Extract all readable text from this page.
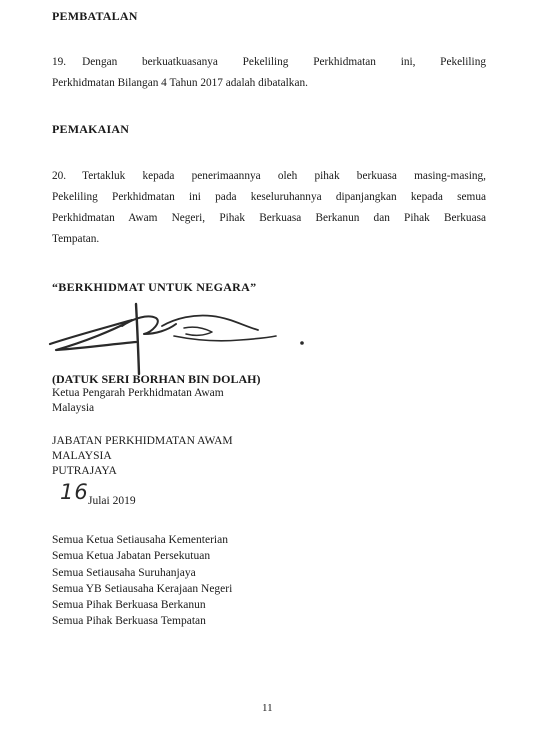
PEMBATALAN
19. Dengan berkuatkuasanya Pekeliling Perkhidmatan ini, Pekeliling
Perkhidmatan Bilangan 4 Tahun 2017 adalah dibatalkan.
PEMAKAIAN
20. Tertakluk kepada penerimaannya oleh pihak berkuasa masing-masing,
Pekeliling Perkhidmatan ini pada keseluruhannya dipanjangkan kepada semua
Perkhidmatan Awam Negeri, Pihak Berkuasa Berkanun dan Pihak Berkuasa
Tempatan.
“BERKHIDMAT UNTUK NEGARA”
(DATUK SERI BORHAN BIN DOLAH)
Ketua Pengarah Perkhidmatan Awam
Malaysia
JABATAN PERKHIDMATAN AWAM
MALAYSIA
PUTRAJAYA
16 Julai 2019
Semua Ketua Setiausaha Kementerian
Semua Ketua Jabatan Persekutuan
Semua Setiausaha Suruhanjaya
Semua YB Setiausaha Kerajaan Negeri
Semua Pihak Berkuasa Berkanun
Semua Pihak Berkuasa Tempatan
11
